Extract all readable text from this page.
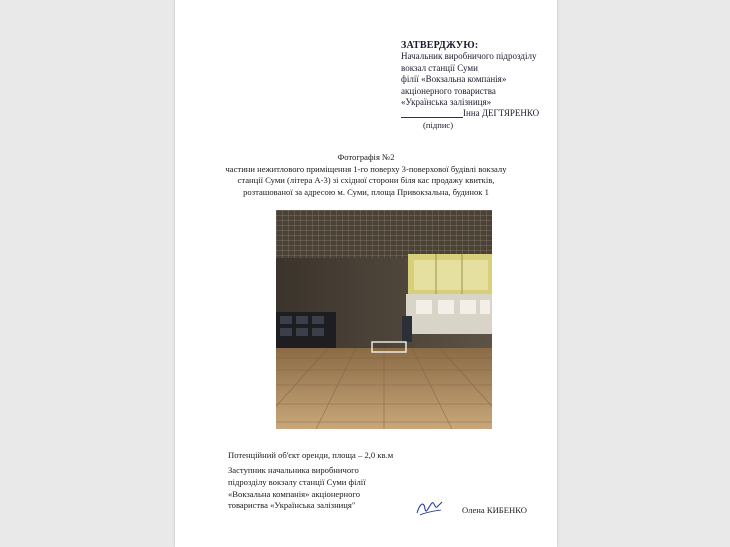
ЗАТВЕРДЖУЮ:
Начальник виробничого підрозділу
вокзал станції Суми
філії «Вокзальна компанія»
акціонерного товариства
«Українська залізниця»
Інна ДЕГТЯРЕНКО
(підпис)
Фотографія №2
частини нежитлового приміщення 1-го поверху 3-поверхової будівлі вокзалу
станції Суми (літера А-3) зі східної сторони біля кас продажу квитків,
розташованої за адресою м. Суми, площа Привокзальна, будинок 1
Потенційний об'єкт оренди, площа – 2,0 кв.м
Заступник начальника виробничого
підрозділу вокзалу станції Суми філії
«Вокзальна компанія» акціонерного
товариства «Українська залізниця"	Олена КИБЕНКО
